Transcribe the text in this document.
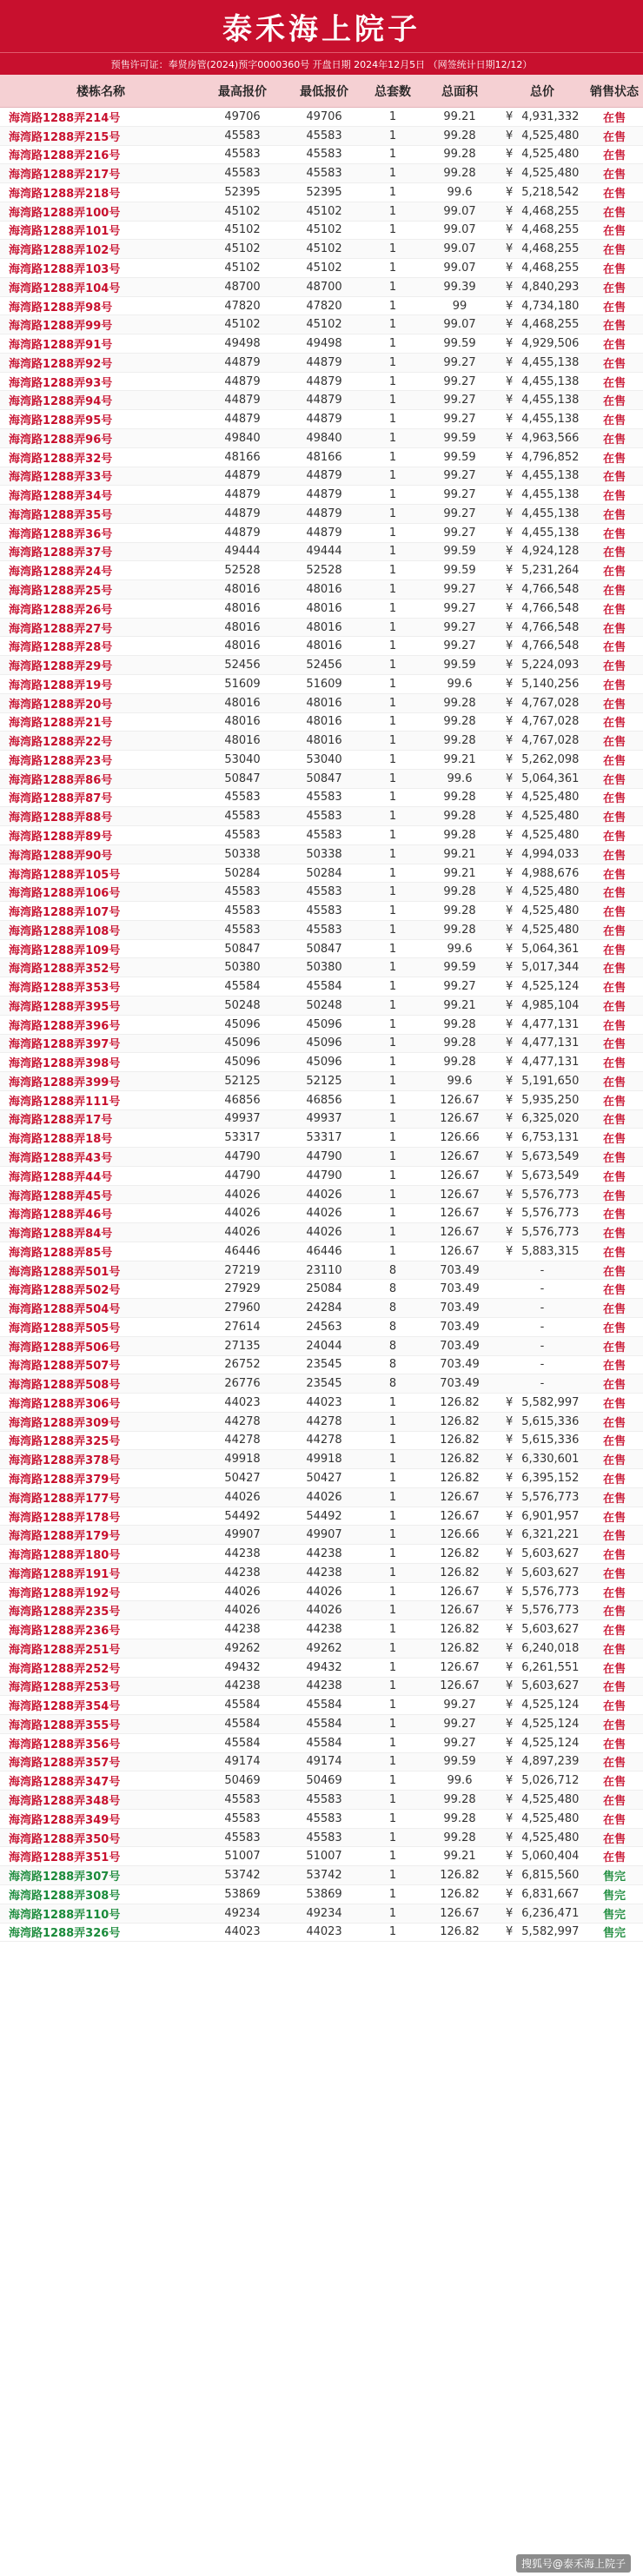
泰禾海上院子
预售许可证：奉贤房管(2024)预字0000360号 开盘日期 2024年12月5日 （网签统计日期12/12）
楼栋名称	最高报价	最低报价	总套数	总面积	总价	销售状态
海湾路1288弄214号	49706	49706	1	99.21	¥ 4,931,332	在售
海湾路1288弄215号	45583	45583	1	99.28	¥ 4,525,480	在售
海湾路1288弄216号	45583	45583	1	99.28	¥ 4,525,480	在售
海湾路1288弄217号	45583	45583	1	99.28	¥ 4,525,480	在售
海湾路1288弄218号	52395	52395	1	99.6	¥ 5,218,542	在售
海湾路1288弄100号	45102	45102	1	99.07	¥ 4,468,255	在售
海湾路1288弄101号	45102	45102	1	99.07	¥ 4,468,255	在售
海湾路1288弄102号	45102	45102	1	99.07	¥ 4,468,255	在售
海湾路1288弄103号	45102	45102	1	99.07	¥ 4,468,255	在售
海湾路1288弄104号	48700	48700	1	99.39	¥ 4,840,293	在售
海湾路1288弄98号	47820	47820	1	99	¥ 4,734,180	在售
海湾路1288弄99号	45102	45102	1	99.07	¥ 4,468,255	在售
海湾路1288弄91号	49498	49498	1	99.59	¥ 4,929,506	在售
海湾路1288弄92号	44879	44879	1	99.27	¥ 4,455,138	在售
海湾路1288弄93号	44879	44879	1	99.27	¥ 4,455,138	在售
海湾路1288弄94号	44879	44879	1	99.27	¥ 4,455,138	在售
海湾路1288弄95号	44879	44879	1	99.27	¥ 4,455,138	在售
海湾路1288弄96号	49840	49840	1	99.59	¥ 4,963,566	在售
海湾路1288弄32号	48166	48166	1	99.59	¥ 4,796,852	在售
海湾路1288弄33号	44879	44879	1	99.27	¥ 4,455,138	在售
海湾路1288弄34号	44879	44879	1	99.27	¥ 4,455,138	在售
海湾路1288弄35号	44879	44879	1	99.27	¥ 4,455,138	在售
海湾路1288弄36号	44879	44879	1	99.27	¥ 4,455,138	在售
海湾路1288弄37号	49444	49444	1	99.59	¥ 4,924,128	在售
海湾路1288弄24号	52528	52528	1	99.59	¥ 5,231,264	在售
海湾路1288弄25号	48016	48016	1	99.27	¥ 4,766,548	在售
海湾路1288弄26号	48016	48016	1	99.27	¥ 4,766,548	在售
海湾路1288弄27号	48016	48016	1	99.27	¥ 4,766,548	在售
海湾路1288弄28号	48016	48016	1	99.27	¥ 4,766,548	在售
海湾路1288弄29号	52456	52456	1	99.59	¥ 5,224,093	在售
海湾路1288弄19号	51609	51609	1	99.6	¥ 5,140,256	在售
海湾路1288弄20号	48016	48016	1	99.28	¥ 4,767,028	在售
海湾路1288弄21号	48016	48016	1	99.28	¥ 4,767,028	在售
海湾路1288弄22号	48016	48016	1	99.28	¥ 4,767,028	在售
海湾路1288弄23号	53040	53040	1	99.21	¥ 5,262,098	在售
海湾路1288弄86号	50847	50847	1	99.6	¥ 5,064,361	在售
海湾路1288弄87号	45583	45583	1	99.28	¥ 4,525,480	在售
海湾路1288弄88号	45583	45583	1	99.28	¥ 4,525,480	在售
海湾路1288弄89号	45583	45583	1	99.28	¥ 4,525,480	在售
海湾路1288弄90号	50338	50338	1	99.21	¥ 4,994,033	在售
海湾路1288弄105号	50284	50284	1	99.21	¥ 4,988,676	在售
海湾路1288弄106号	45583	45583	1	99.28	¥ 4,525,480	在售
海湾路1288弄107号	45583	45583	1	99.28	¥ 4,525,480	在售
海湾路1288弄108号	45583	45583	1	99.28	¥ 4,525,480	在售
海湾路1288弄109号	50847	50847	1	99.6	¥ 5,064,361	在售
海湾路1288弄352号	50380	50380	1	99.59	¥ 5,017,344	在售
海湾路1288弄353号	45584	45584	1	99.27	¥ 4,525,124	在售
海湾路1288弄395号	50248	50248	1	99.21	¥ 4,985,104	在售
海湾路1288弄396号	45096	45096	1	99.28	¥ 4,477,131	在售
海湾路1288弄397号	45096	45096	1	99.28	¥ 4,477,131	在售
海湾路1288弄398号	45096	45096	1	99.28	¥ 4,477,131	在售
海湾路1288弄399号	52125	52125	1	99.6	¥ 5,191,650	在售
海湾路1288弄111号	46856	46856	1	126.67	¥ 5,935,250	在售
海湾路1288弄17号	49937	49937	1	126.67	¥ 6,325,020	在售
海湾路1288弄18号	53317	53317	1	126.66	¥ 6,753,131	在售
海湾路1288弄43号	44790	44790	1	126.67	¥ 5,673,549	在售
海湾路1288弄44号	44790	44790	1	126.67	¥ 5,673,549	在售
海湾路1288弄45号	44026	44026	1	126.67	¥ 5,576,773	在售
海湾路1288弄46号	44026	44026	1	126.67	¥ 5,576,773	在售
海湾路1288弄84号	44026	44026	1	126.67	¥ 5,576,773	在售
海湾路1288弄85号	46446	46446	1	126.67	¥ 5,883,315	在售
海湾路1288弄501号	27219	23110	8	703.49	-	在售
海湾路1288弄502号	27929	25084	8	703.49	-	在售
海湾路1288弄504号	27960	24284	8	703.49	-	在售
海湾路1288弄505号	27614	24563	8	703.49	-	在售
海湾路1288弄506号	27135	24044	8	703.49	-	在售
海湾路1288弄507号	26752	23545	8	703.49	-	在售
海湾路1288弄508号	26776	23545	8	703.49	-	在售
海湾路1288弄306号	44023	44023	1	126.82	¥ 5,582,997	在售
海湾路1288弄309号	44278	44278	1	126.82	¥ 5,615,336	在售
海湾路1288弄325号	44278	44278	1	126.82	¥ 5,615,336	在售
海湾路1288弄378号	49918	49918	1	126.82	¥ 6,330,601	在售
海湾路1288弄379号	50427	50427	1	126.82	¥ 6,395,152	在售
海湾路1288弄177号	44026	44026	1	126.67	¥ 5,576,773	在售
海湾路1288弄178号	54492	54492	1	126.67	¥ 6,901,957	在售
海湾路1288弄179号	49907	49907	1	126.66	¥ 6,321,221	在售
海湾路1288弄180号	44238	44238	1	126.82	¥ 5,603,627	在售
海湾路1288弄191号	44238	44238	1	126.82	¥ 5,603,627	在售
海湾路1288弄192号	44026	44026	1	126.67	¥ 5,576,773	在售
海湾路1288弄235号	44026	44026	1	126.67	¥ 5,576,773	在售
海湾路1288弄236号	44238	44238	1	126.82	¥ 5,603,627	在售
海湾路1288弄251号	49262	49262	1	126.82	¥ 6,240,018	在售
海湾路1288弄252号	49432	49432	1	126.67	¥ 6,261,551	在售
海湾路1288弄253号	44238	44238	1	126.67	¥ 5,603,627	在售
海湾路1288弄354号	45584	45584	1	99.27	¥ 4,525,124	在售
海湾路1288弄355号	45584	45584	1	99.27	¥ 4,525,124	在售
海湾路1288弄356号	45584	45584	1	99.27	¥ 4,525,124	在售
海湾路1288弄357号	49174	49174	1	99.59	¥ 4,897,239	在售
海湾路1288弄347号	50469	50469	1	99.6	¥ 5,026,712	在售
海湾路1288弄348号	45583	45583	1	99.28	¥ 4,525,480	在售
海湾路1288弄349号	45583	45583	1	99.28	¥ 4,525,480	在售
海湾路1288弄350号	45583	45583	1	99.28	¥ 4,525,480	在售
海湾路1288弄351号	51007	51007	1	99.21	¥ 5,060,404	在售
海湾路1288弄307号	53742	53742	1	126.82	¥ 6,815,560	售完
海湾路1288弄308号	53869	53869	1	126.82	¥ 6,831,667	售完
海湾路1288弄110号	49234	49234	1	126.67	¥ 6,236,471	售完
海湾路1288弄326号	44023	44023	1	126.82	¥ 5,582,997	售完
搜狐号@泰禾海上院子
